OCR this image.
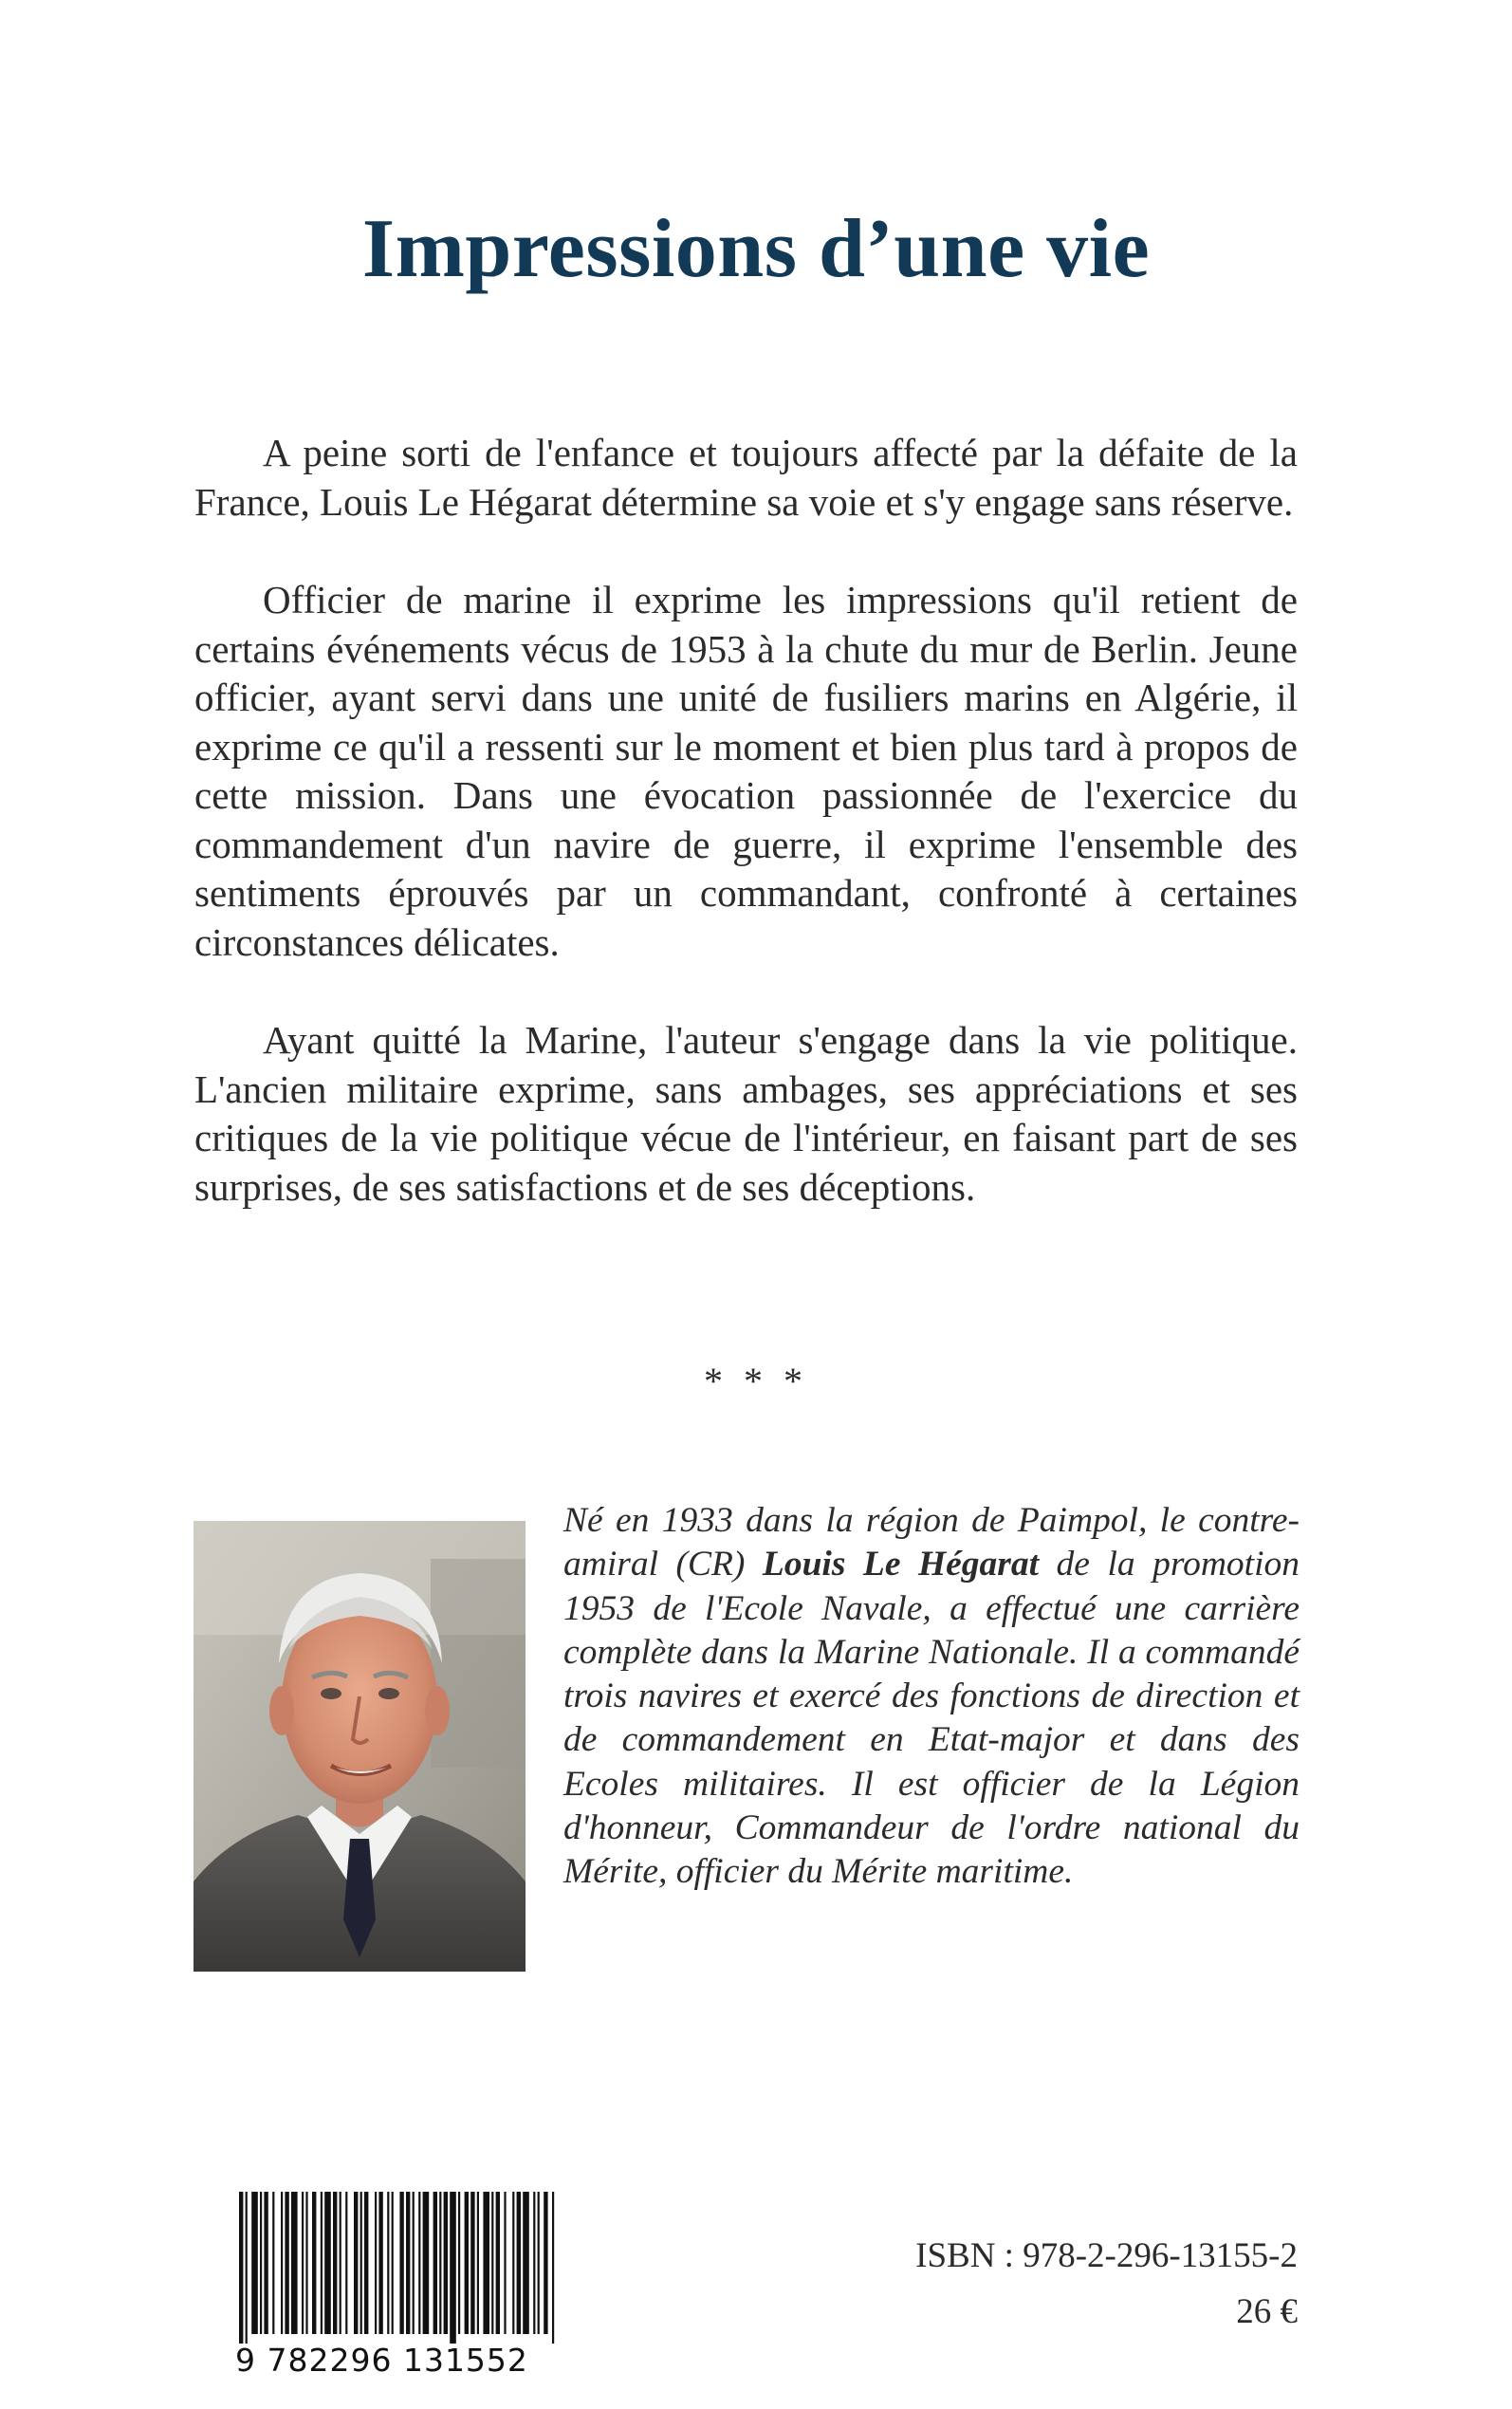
Impressions d’une vie

A peine sorti de l'enfance et toujours affecté par la défaite de la France, Louis Le Hégarat détermine sa voie et s'y engage sans réserve.

Officier de marine il exprime les impressions qu'il retient de certains événements vécus de 1953 à la chute du mur de Berlin. Jeune officier, ayant servi dans une unité de fusiliers marins en Algérie, il exprime ce qu'il a ressenti sur le moment et bien plus tard à propos de cette mission. Dans une évocation passionnée de l'exercice du commandement d'un navire de guerre, il exprime l'ensemble des sentiments éprouvés par un commandant, confronté à certaines circonstances délicates.

Ayant quitté la Marine, l'auteur s'engage dans la vie politique. L'ancien militaire exprime, sans ambages, ses appréciations et ses critiques de la vie politique vécue de l'intérieur, en faisant part de ses surprises, de ses satisfactions et de ses déceptions.

* * *

Né en 1933 dans la région de Paimpol, le contre-amiral (CR) Louis Le Hégarat de la promotion 1953 de l'Ecole Navale, a effectué une carrière complète dans la Marine Nationale. Il a commandé trois navires et exercé des fonctions de direction et de commandement en Etat-major et dans des Ecoles militaires. Il est officier de la Légion d'honneur, Commandeur de l'ordre national du Mérite, officier du Mérite maritime.

9 782296 131552
ISBN : 978-2-296-13155-2
26 €
